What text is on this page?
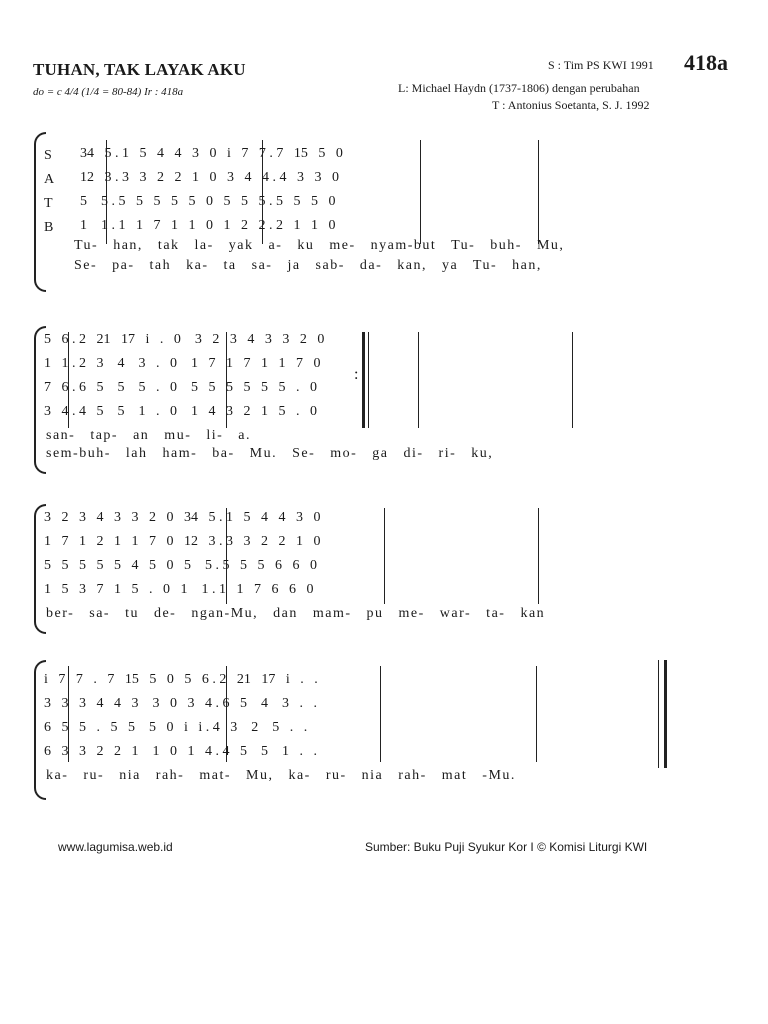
TUHAN, TAK LAYAK AKU
do = c 4/4 (1/4 = 80-84) Ir : 418a
S : Tim PS KWI 1991 418a
L: Michael Haydn (1737-1806) dengan perubahan
T : Antonius Soetanta, S. J. 1992
S
A
T
B
34   5 . 1   5   4   4   3   0   i   7   7 . 7   15   5   0
12   3 . 3   3   2   2   1   0   3   4   4 . 4   3   3   0
5    5 . 5   5   5   5   5   0   5   5   5 . 5   5   5   0
1    1 . 1   1   7   1   1   0   1   2   2 . 2   1   1   0
Tu- han, tak la- yak a- ku me- nyam-but Tu- buh- Mu,
Se- pa- tah ka- ta sa- ja sab- da- kan, ya Tu- han,
:
5   6 . 2   21   17   i   .   0    3   2   3   4   3   3   2   0
1   1 . 2   3    4    3   .   0    1   7   1   7   1   1   7   0
7   6 . 6   5    5    5   .   0    5   5   5   5   5   5   .   0
3   4 . 4   5    5    1   .   0    1   4   3   2   1   5   .   0
san- tap- an mu- li- a.
sem-buh- lah ham- ba- Mu. Se- mo- ga di- ri- ku,
3   2   3   4   3   3   2   0   34   5 . 1   5   4   4   3   0
1   7   1   2   1   1   7   0   12   3 . 3   3   2   2   1   0
5   5   5   5   5   4   5   0   5    5 . 5   5   5   6   6   0
1   5   3   7   1   5   .   0   1    1 . 1   1   7   6   6   0
ber- sa- tu de- ngan-Mu, dan mam- pu me- war- ta- kan
i   7   7   .   7   15   5   0   5   6 . 2   21   17   i   .   .
3   3   3   4   4   3    3   0   3   4 . 6   5    4    3   .   .
6   5   5   .   5   5    5   0   i   i . 4   3    2    5   .   .
6   3   3   2   2   1    1   0   1   4 . 4   5    5    1   .   .
ka- ru- nia rah- mat- Mu, ka- ru- nia rah- mat -Mu.
www.lagumisa.web.id	Sumber: Buku Puji Syukur Kor I © Komisi Liturgi KWI
